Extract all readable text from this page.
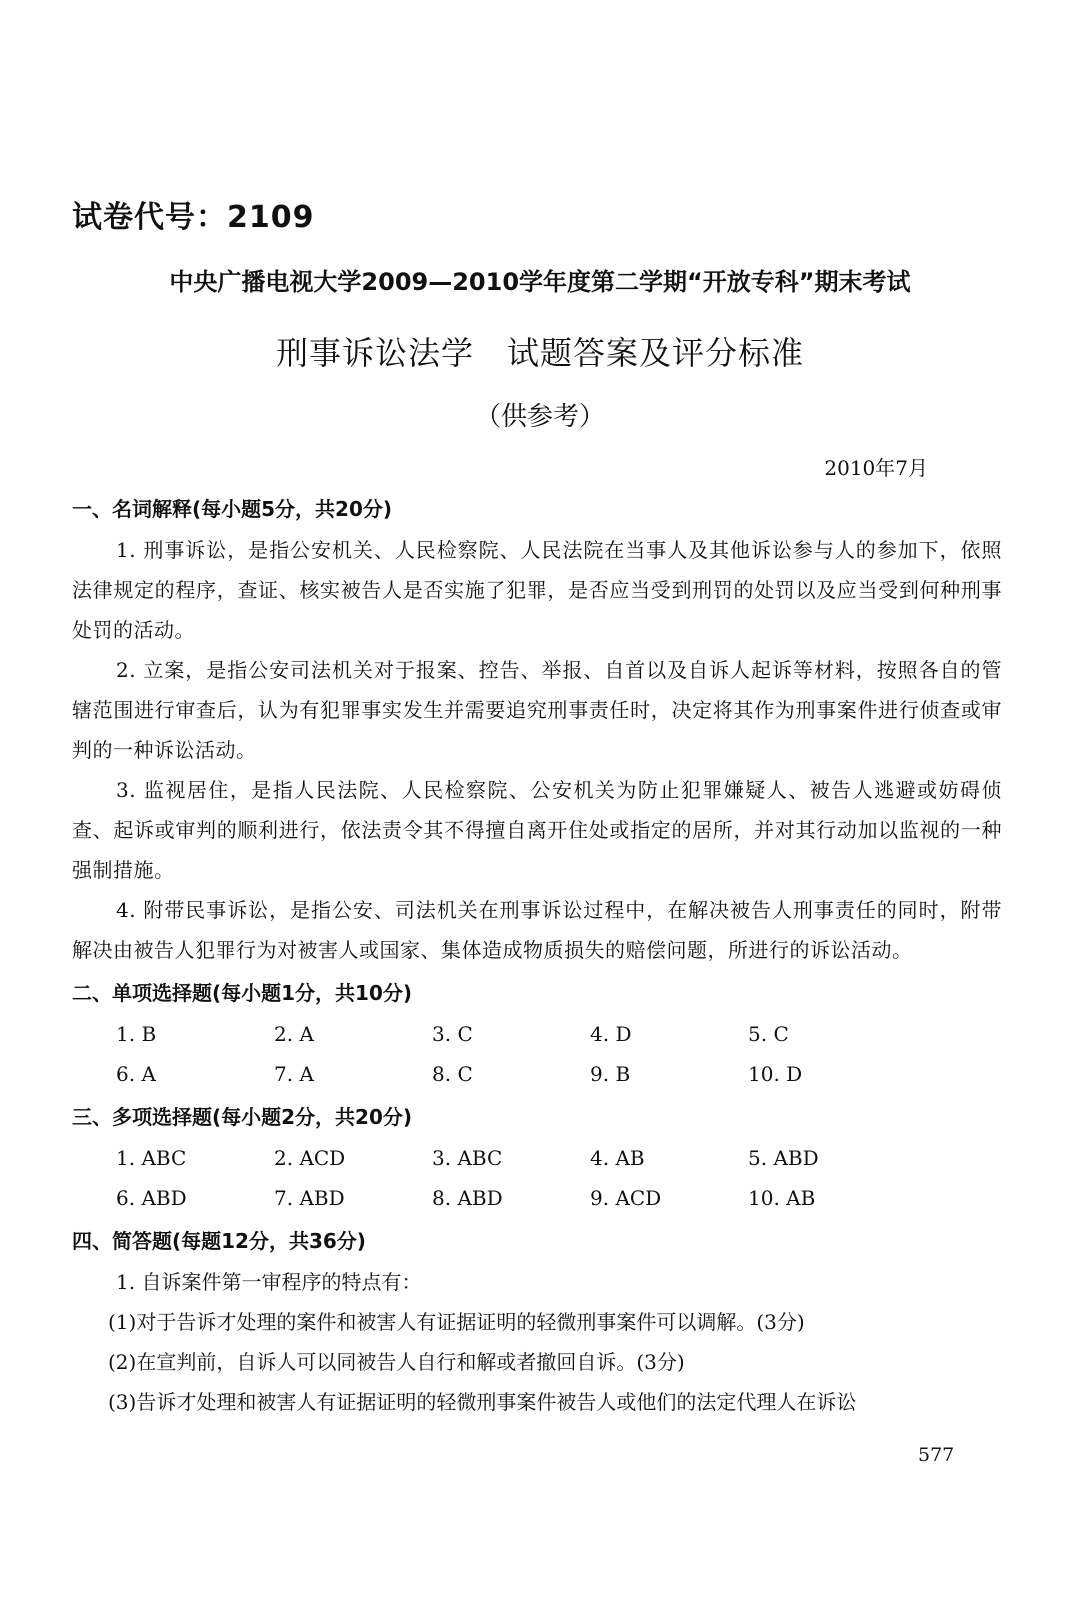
试卷代号：2109
中央广播电视大学2009—2010学年度第二学期“开放专科”期末考试
刑事诉讼法学　试题答案及评分标准
（供参考）
2010年7月
一、名词解释(每小题5分，共20分)

1. 刑事诉讼，是指公安机关、人民检察院、人民法院在当事人及其他诉讼参与人的参加下，依照法律规定的程序，查证、核实被告人是否实施了犯罪，是否应当受到刑罚的处罚以及应当受到何种刑事处罚的活动。

2. 立案，是指公安司法机关对于报案、控告、举报、自首以及自诉人起诉等材料，按照各自的管辖范围进行审查后，认为有犯罪事实发生并需要追究刑事责任时，决定将其作为刑事案件进行侦查或审判的一种诉讼活动。

3. 监视居住，是指人民法院、人民检察院、公安机关为防止犯罪嫌疑人、被告人逃避或妨碍侦查、起诉或审判的顺利进行，依法责令其不得擅自离开住处或指定的居所，并对其行动加以监视的一种强制措施。

4. 附带民事诉讼，是指公安、司法机关在刑事诉讼过程中，在解决被告人刑事责任的同时，附带解决由被告人犯罪行为对被害人或国家、集体造成物质损失的赔偿问题，所进行的诉讼活动。

二、单项选择题(每小题1分，共10分)
1. B	2. A	3. C	4. D	5. C
6. A	7. A	8. C	9. B	10. D
三、多项选择题(每小题2分，共20分)
1. ABC	2. ACD	3. ABC	4. AB	5. ABD
6. ABD	7. ABD	8. ABD	9. ACD	10. AB
四、简答题(每题12分，共36分)
1. 自诉案件第一审程序的特点有：
(1)对于告诉才处理的案件和被害人有证据证明的轻微刑事案件可以调解。(3分)
(2)在宣判前，自诉人可以同被告人自行和解或者撤回自诉。(3分)
(3)告诉才处理和被害人有证据证明的轻微刑事案件被告人或他们的法定代理人在诉讼
577
